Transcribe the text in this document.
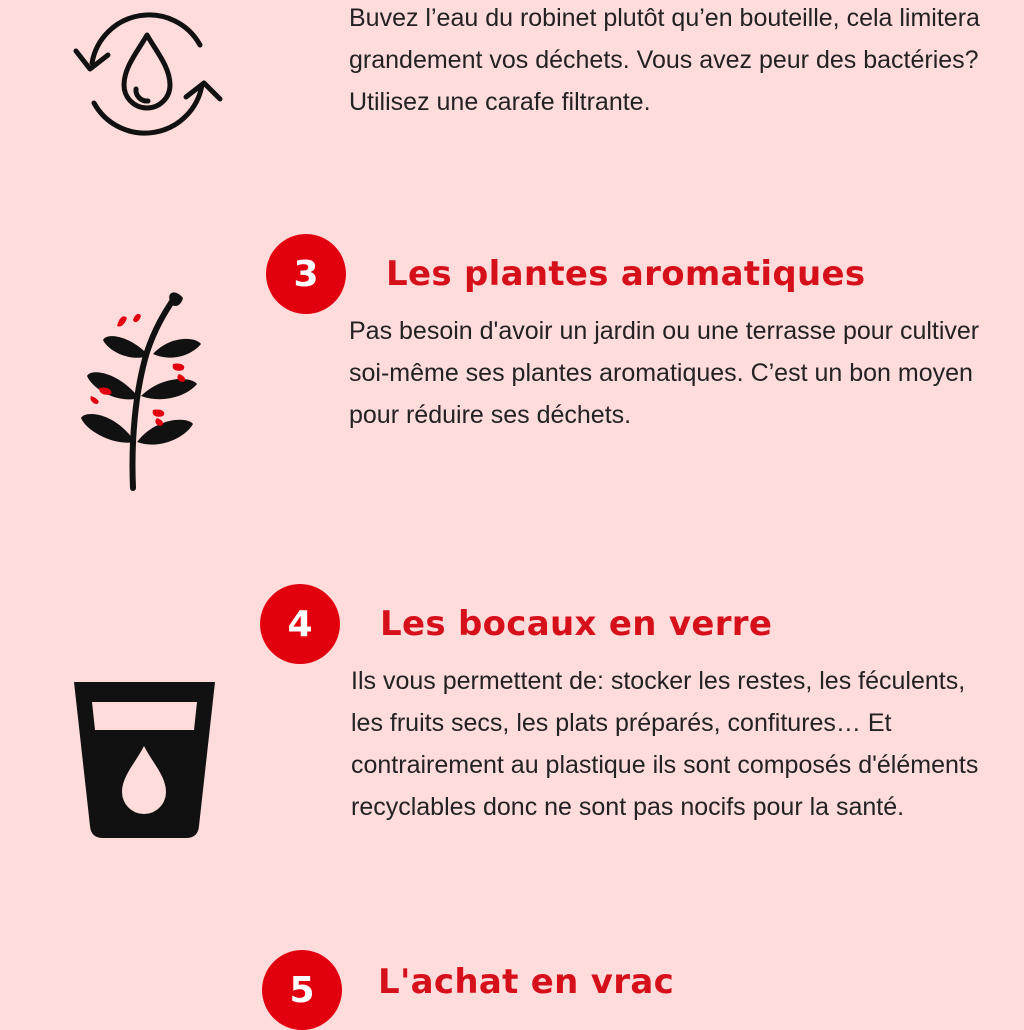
Buvez l’eau du robinet plutôt qu’en bouteille, cela limitera grandement vos déchets. Vous avez peur des bactéries? Utilisez une carafe filtrante.

3	Les plantes aromatiques

Pas besoin d'avoir un jardin ou une terrasse pour cultiver soi-même ses plantes aromatiques. C’est un bon moyen pour réduire ses déchets.

4	Les bocaux en verre

Ils vous permettent de: stocker les restes, les féculents, les fruits secs, les plats préparés, confitures… Et contrairement au plastique ils sont composés d'éléments recyclables donc ne sont pas nocifs pour la santé.

5	L'achat en vrac
